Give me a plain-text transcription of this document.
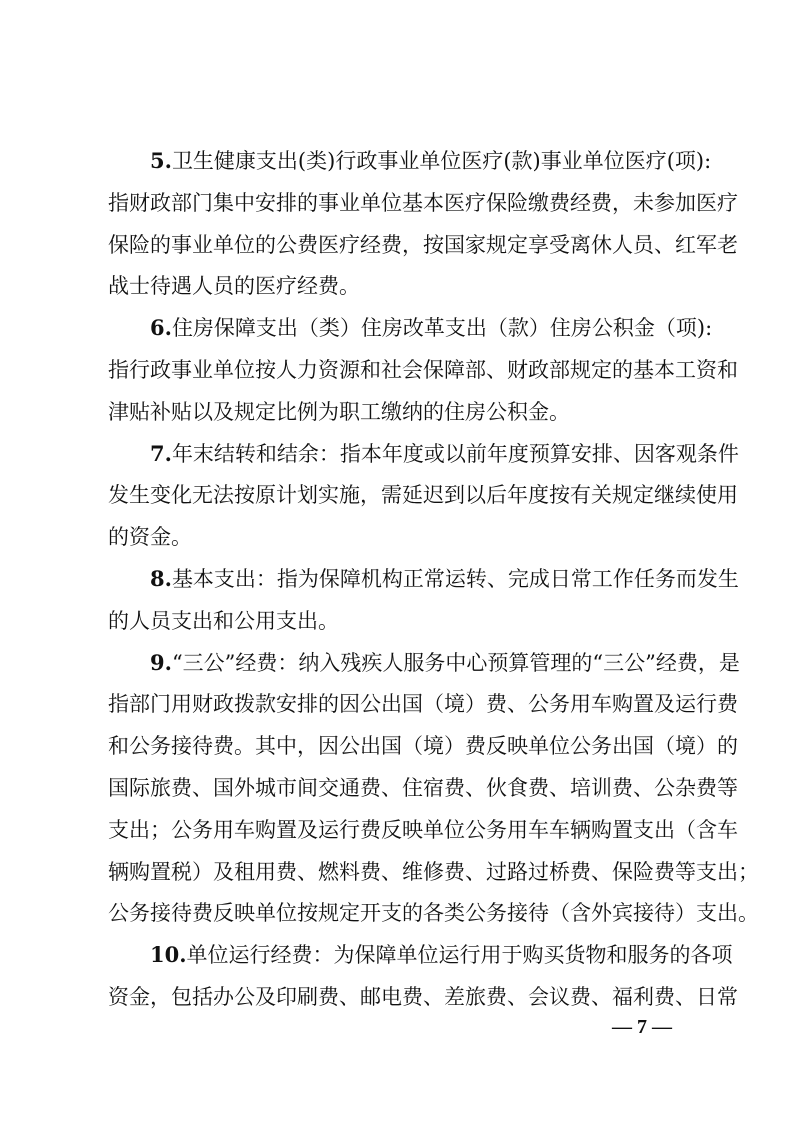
5.卫生健康支出(类)行政事业单位医疗(款)事业单位医疗(项):
指财政部门集中安排的事业单位基本医疗保险缴费经费，未参加医疗
保险的事业单位的公费医疗经费，按国家规定享受离休人员、红军老
战士待遇人员的医疗经费。
6.住房保障支出（类）住房改革支出（款）住房公积金（项):
指行政事业单位按人力资源和社会保障部、财政部规定的基本工资和
津贴补贴以及规定比例为职工缴纳的住房公积金。
7.年末结转和结余：指本年度或以前年度预算安排、因客观条件
发生变化无法按原计划实施，需延迟到以后年度按有关规定继续使用
的资金。
8.基本支出：指为保障机构正常运转、完成日常工作任务而发生
的人员支出和公用支出。
9.“三公”经费：纳入残疾人服务中心预算管理的“三公”经费，是
指部门用财政拨款安排的因公出国（境）费、公务用车购置及运行费
和公务接待费。其中，因公出国（境）费反映单位公务出国（境）的
国际旅费、国外城市间交通费、住宿费、伙食费、培训费、公杂费等
支出；公务用车购置及运行费反映单位公务用车车辆购置支出（含车
辆购置税）及租用费、燃料费、维修费、过路过桥费、保险费等支出；
公务接待费反映单位按规定开支的各类公务接待（含外宾接待）支出。
10.单位运行经费：为保障单位运行用于购买货物和服务的各项
资金，包括办公及印刷费、邮电费、差旅费、会议费、福利费、日常
— 7 —
